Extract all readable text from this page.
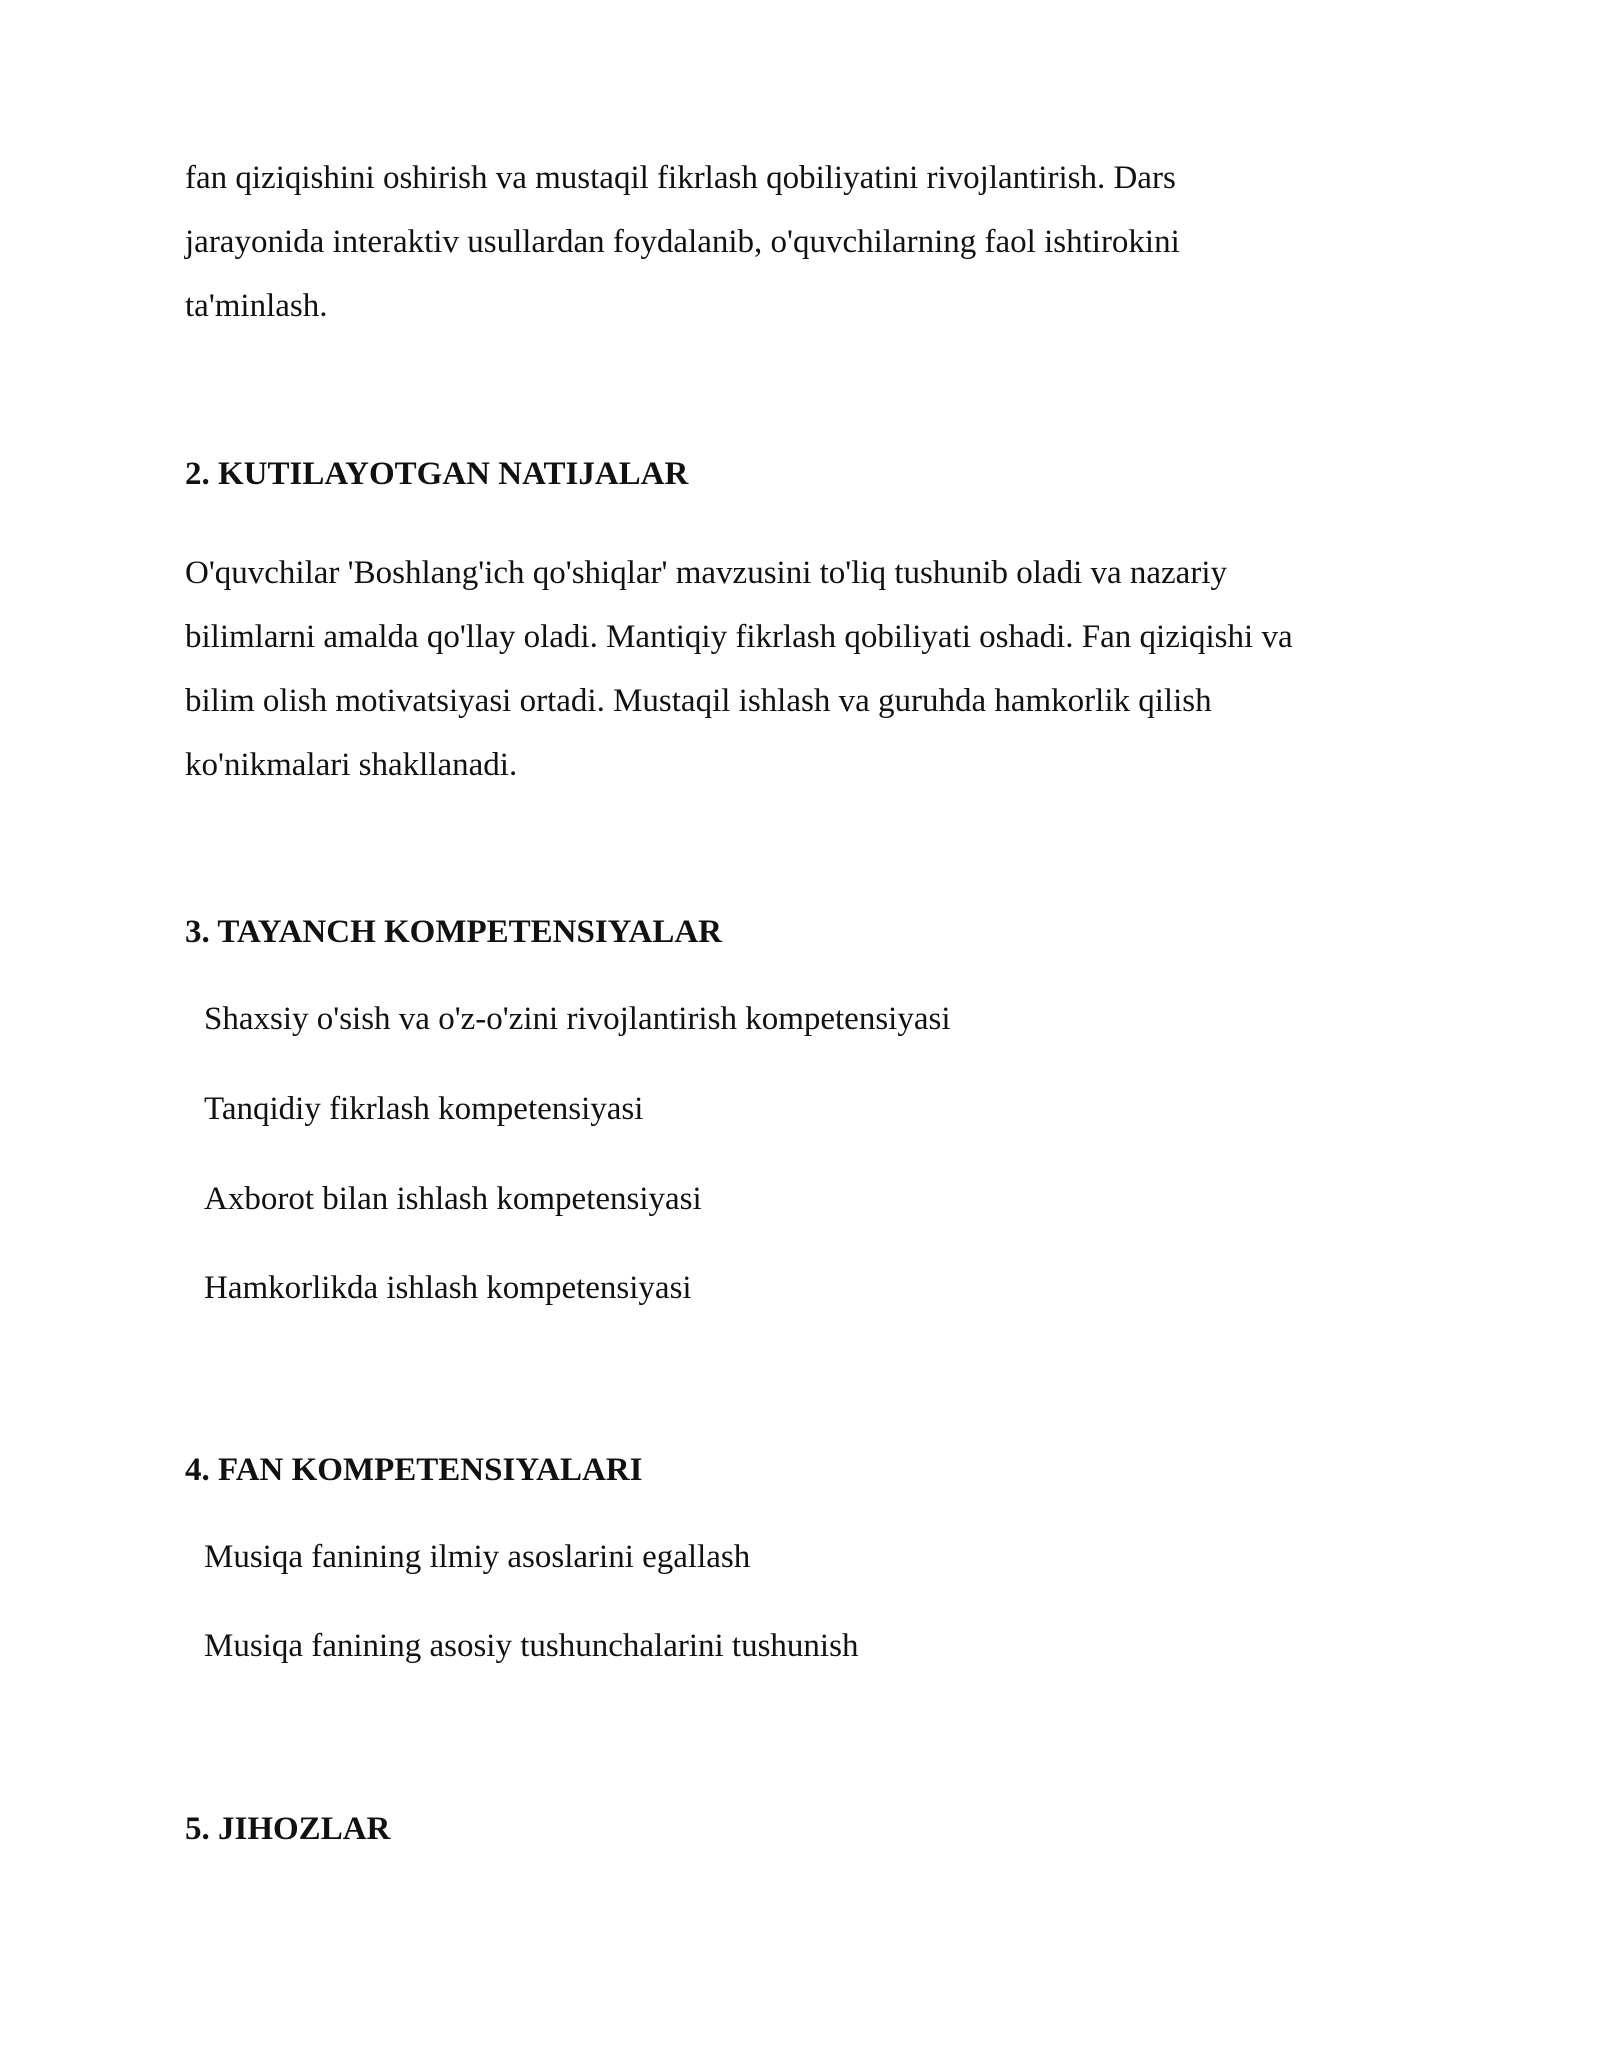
fan qiziqishini oshirish va mustaqil fikrlash qobiliyatini rivojlantirish. Dars

jarayonida interaktiv usullardan foydalanib, o'quvchilarning faol ishtirokini

ta'minlash.

2. KUTILAYOTGAN NATIJALAR

O'quvchilar 'Boshlang'ich qo'shiqlar' mavzusini to'liq tushunib oladi va nazariy

bilimlarni amalda qo'llay oladi. Mantiqiy fikrlash qobiliyati oshadi. Fan qiziqishi va

bilim olish motivatsiyasi ortadi. Mustaqil ishlash va guruhda hamkorlik qilish

ko'nikmalari shakllanadi.

3. TAYANCH KOMPETENSIYALAR

Shaxsiy o'sish va o'z-o'zini rivojlantirish kompetensiyasi

Tanqidiy fikrlash kompetensiyasi

Axborot bilan ishlash kompetensiyasi

Hamkorlikda ishlash kompetensiyasi

4. FAN KOMPETENSIYALARI

Musiqa fanining ilmiy asoslarini egallash

Musiqa fanining asosiy tushunchalarini tushunish

5. JIHOZLAR
